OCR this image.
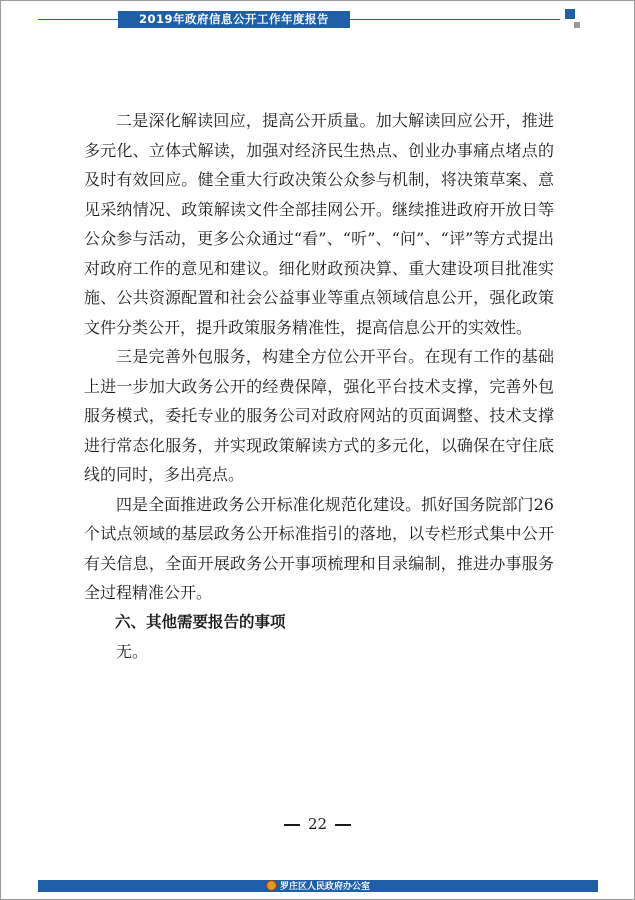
2019年政府信息公开工作年度报告

二是深化解读回应，提高公开质量。加大解读回应公开，推进多元化、立体式解读，加强对经济民生热点、创业办事痛点堵点的及时有效回应。健全重大行政决策公众参与机制，将决策草案、意见采纳情况、政策解读文件全部挂网公开。继续推进政府开放日等公众参与活动，更多公众通过“看”、“听”、“问”、“评”等方式提出对政府工作的意见和建议。细化财政预决算、重大建设项目批准实施、公共资源配置和社会公益事业等重点领域信息公开，强化政策文件分类公开，提升政策服务精准性，提高信息公开的实效性。

三是完善外包服务，构建全方位公开平台。在现有工作的基础上进一步加大政务公开的经费保障，强化平台技术支撑，完善外包服务模式，委托专业的服务公司对政府网站的页面调整、技术支撑进行常态化服务，并实现政策解读方式的多元化，以确保在守住底线的同时，多出亮点。

四是全面推进政务公开标准化规范化建设。抓好国务院部门26个试点领域的基层政务公开标准指引的落地，以专栏形式集中公开有关信息，全面开展政务公开事项梳理和目录编制，推进办事服务全过程精准公开。

六、其他需要报告的事项

无。

22
罗庄区人民政府办公室
